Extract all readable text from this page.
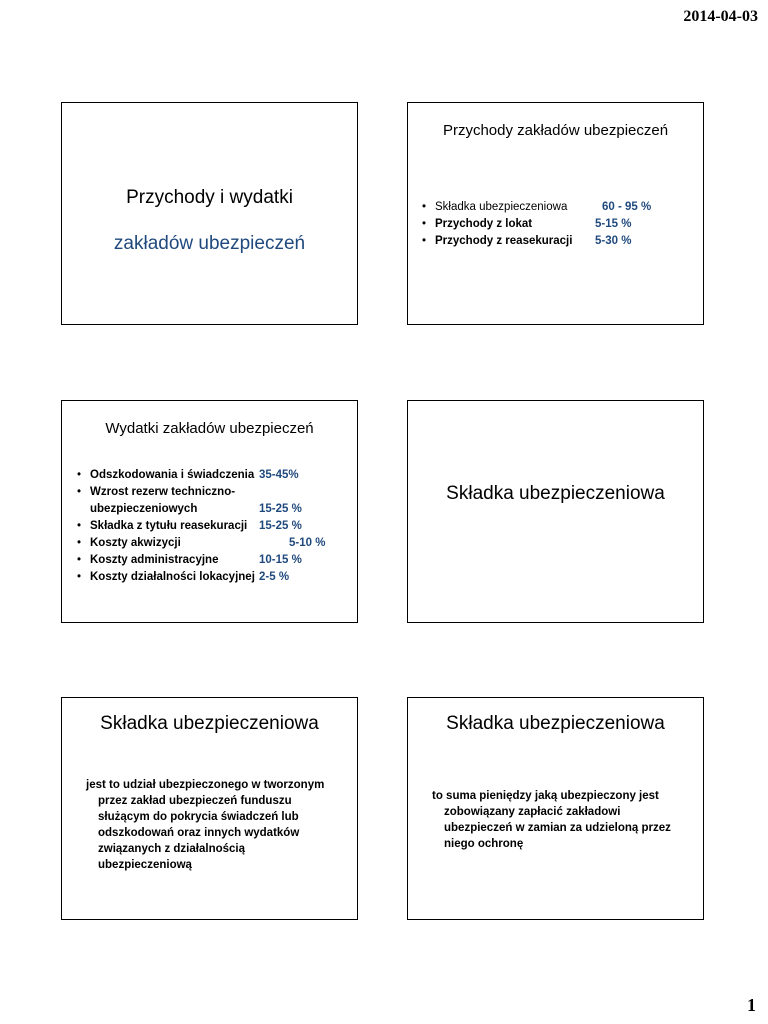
2014-04-03
Przychody i wydatki
zakładów ubezpieczeń
Przychody zakładów ubezpieczeń
• Składka ubezpieczeniowa	60 - 95 %
• Przychody z lokat	5-15 %
• Przychody z reasekuracji 5-30 %
Wydatki zakładów ubezpieczeń
• Odszkodowania i świadczenia 35-45%
• Wzrost rezerw techniczno-
ubezpieczeniowych	15-25 %
• Składka z tytułu reasekuracji 15-25 %
• Koszty akwizycji	5-10 %
• Koszty administracyjne	10-15 %
• Koszty działalności lokacyjnej 2-5 %
Składka ubezpieczeniowa
Składka ubezpieczeniowa
jest to udział ubezpieczonego w tworzonym
przez zakład ubezpieczeń funduszu
służącym do pokrycia świadczeń lub
odszkodowań oraz innych wydatków
związanych z działalnością
ubezpieczeniową
Składka ubezpieczeniowa
to suma pieniędzy jaką ubezpieczony jest
zobowiązany zapłacić zakładowi
ubezpieczeń w zamian za udzieloną przez
niego ochronę
1
